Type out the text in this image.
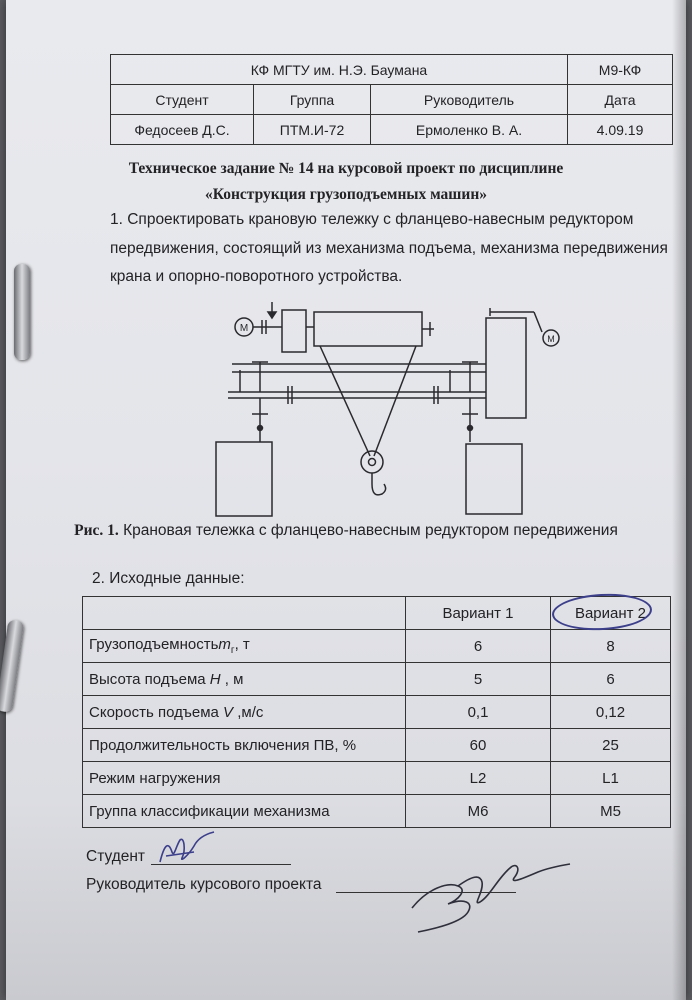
КФ МГТУ им. Н.Э. Баумана			М9-КФ
Студент	Группа	Руководитель	Дата
Федосеев Д.С.	ПТМ.И-72	Ермоленко В. А.	4.09.19
Техническое задание № 14 на курсовой проект по дисциплине
«Конструкция грузоподъемных машин»
1. Спроектировать крановую тележку с фланцево-навесным редуктором
передвижения, состоящий из механизма подъема, механизма передвижения
крана и опорно-поворотного устройства.
М
М
Рис. 1. Крановая тележка с фланцево-навесным редуктором передвижения
2. Исходные данные:
	Вариант 1	Вариант 2
Грузоподъемностьm$_г$, т	6	8
Высота подъема H , м	5	6
Скорость подъема V ,м/с	0,1	0,12
Продолжительность включения ПВ, %	60	25
Режим нагружения	L2	L1
Группа классификации механизма	М6	М5
Студент
Руководитель курсового проекта
